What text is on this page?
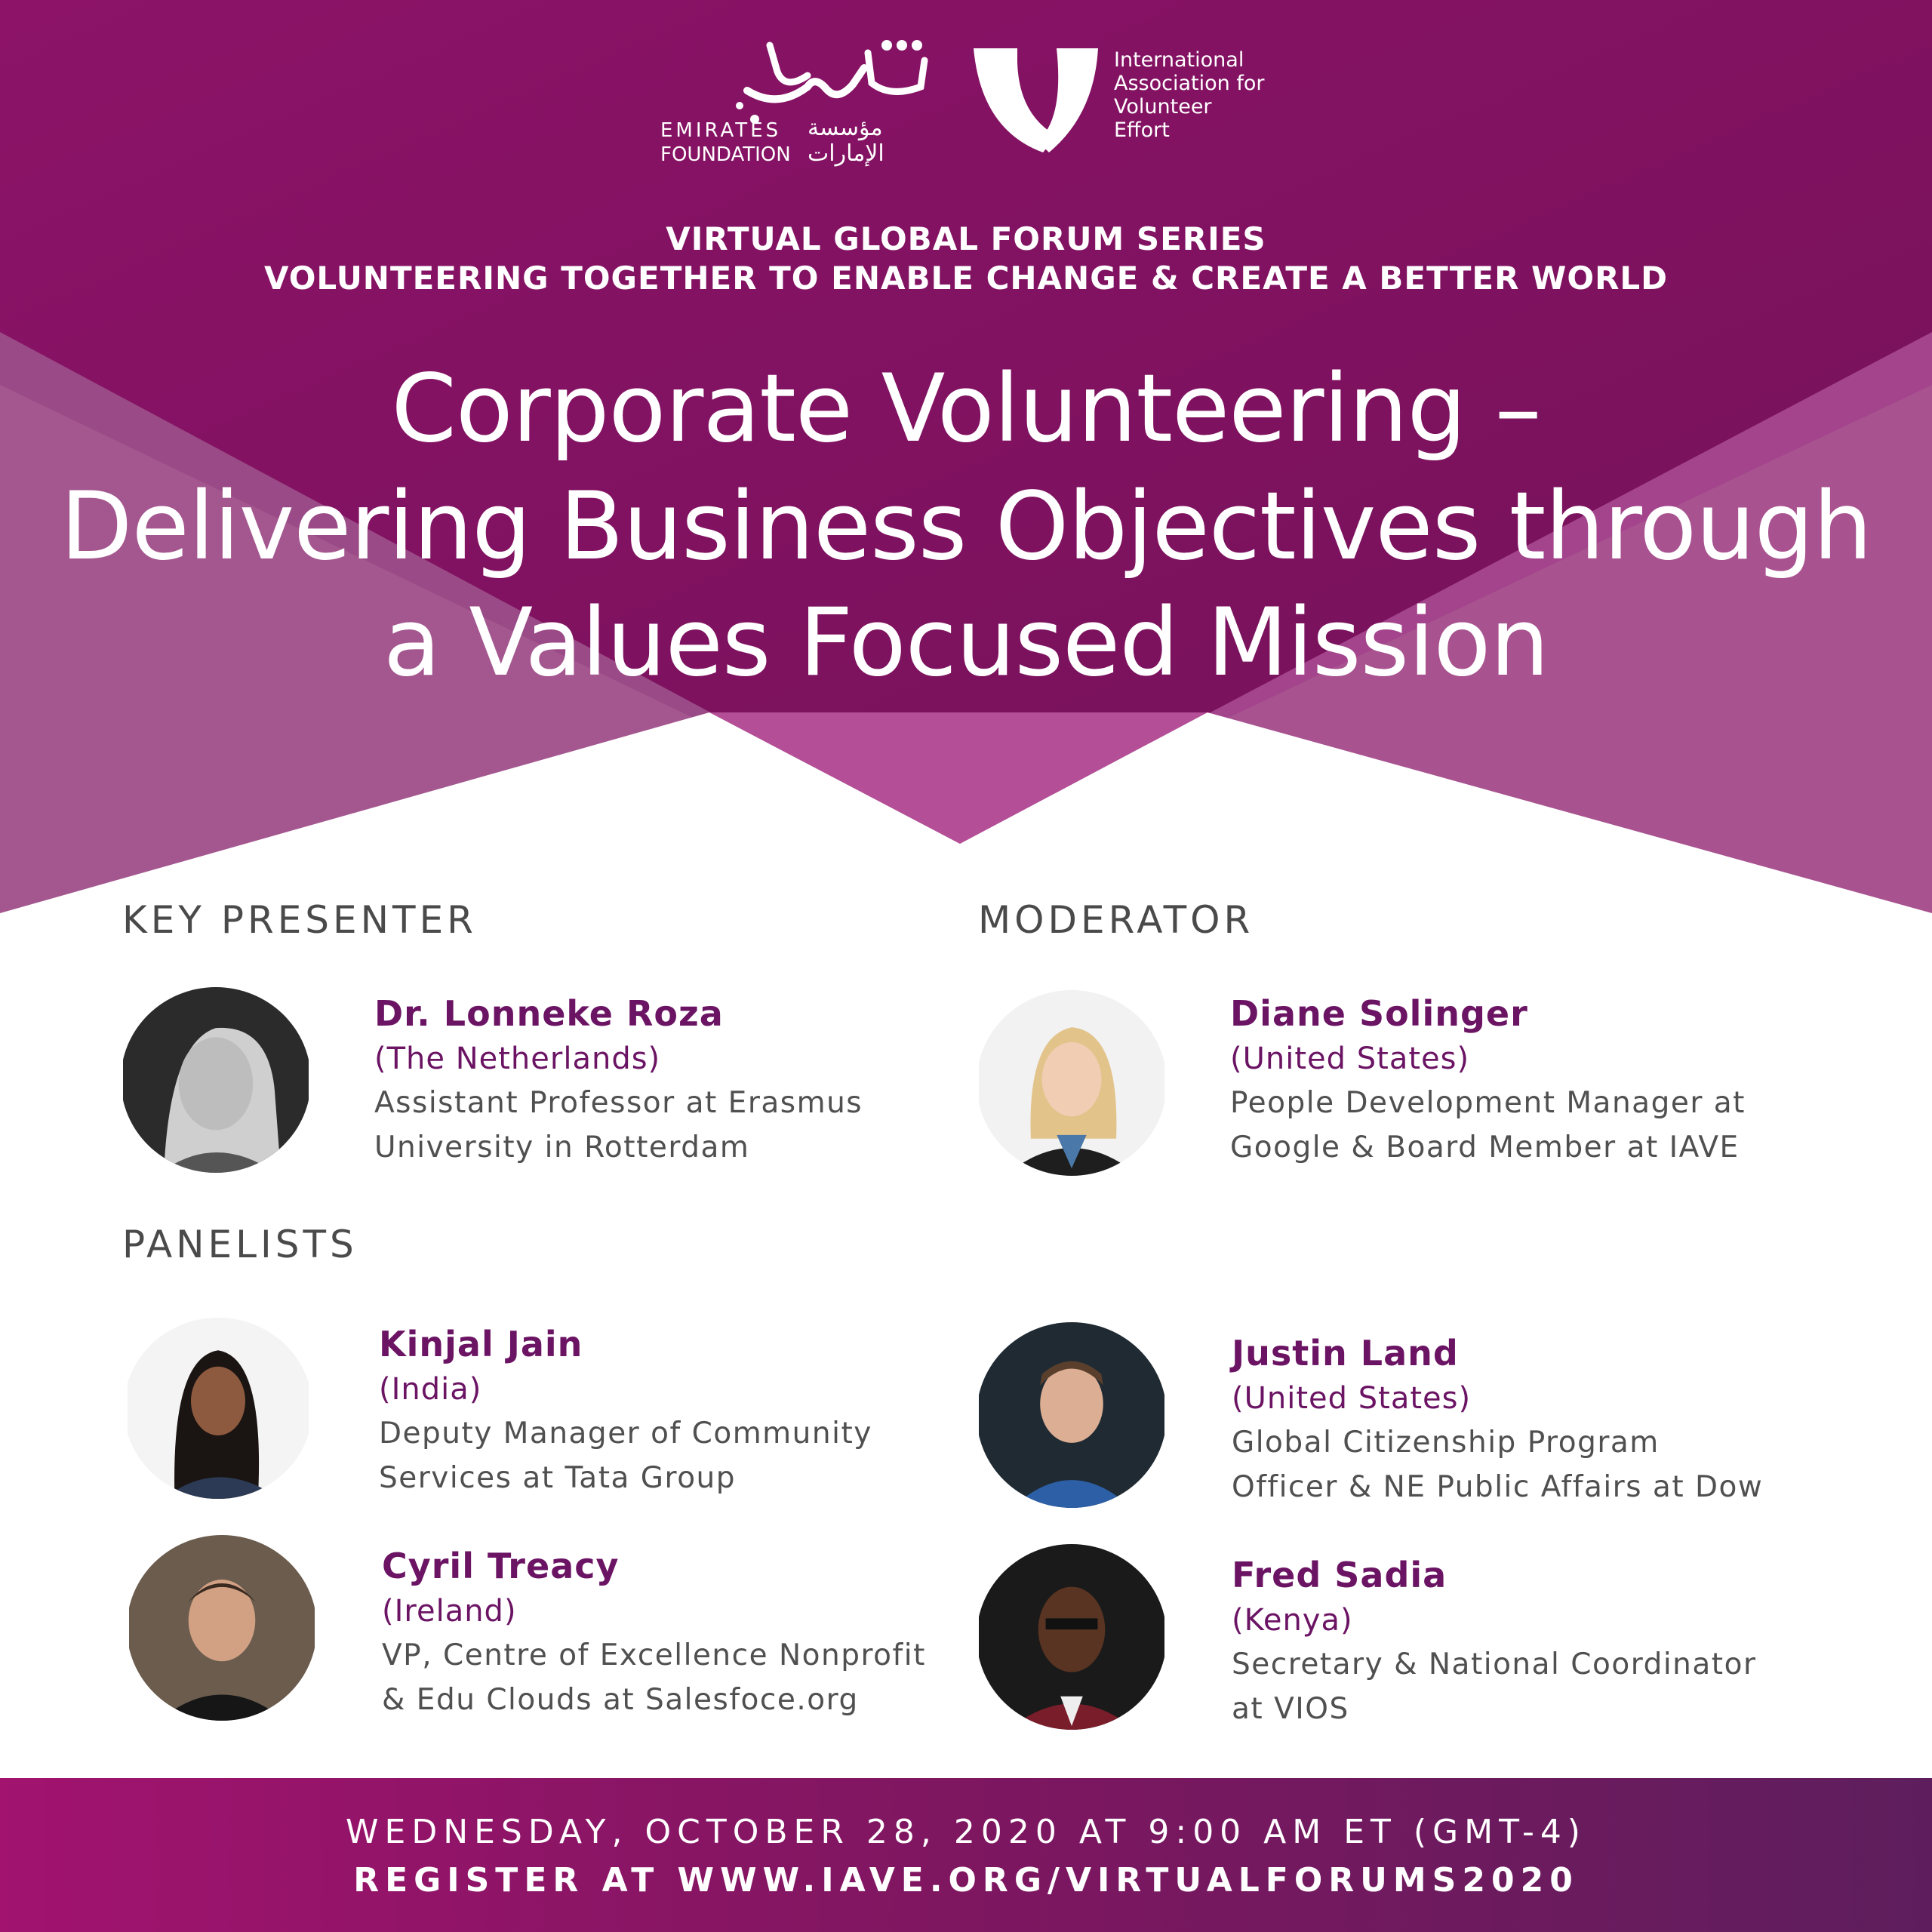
EMIRATES
FOUNDATION
مؤسسة
الإمارات
International
Association for
Volunteer
Effort
VIRTUAL GLOBAL FORUM SERIES
VOLUNTEERING TOGETHER TO ENABLE CHANGE & CREATE A BETTER WORLD
Corporate Volunteering –
Delivering Business Objectives through
a Values Focused Mission
KEY PRESENTER	MODERATOR
PANELISTS
Dr. Lonneke Roza
(The Netherlands)
Assistant Professor at Erasmus
University in Rotterdam
Diane Solinger
(United States)
People Development Manager at
Google & Board Member at IAVE
Kinjal Jain
(India)
Deputy Manager of Community
Services at Tata Group
Justin Land
(United States)
Global Citizenship Program
Officer & NE Public Affairs at Dow
Cyril Treacy
(Ireland)
VP, Centre of Excellence Nonprofit
& Edu Clouds at Salesfoce.org
Fred Sadia
(Kenya)
Secretary & National Coordinator
at VIOS
WEDNESDAY, OCTOBER 28, 2020 AT 9:00 AM ET (GMT-4)
REGISTER AT WWW.IAVE.ORG/VIRTUALFORUMS2020
